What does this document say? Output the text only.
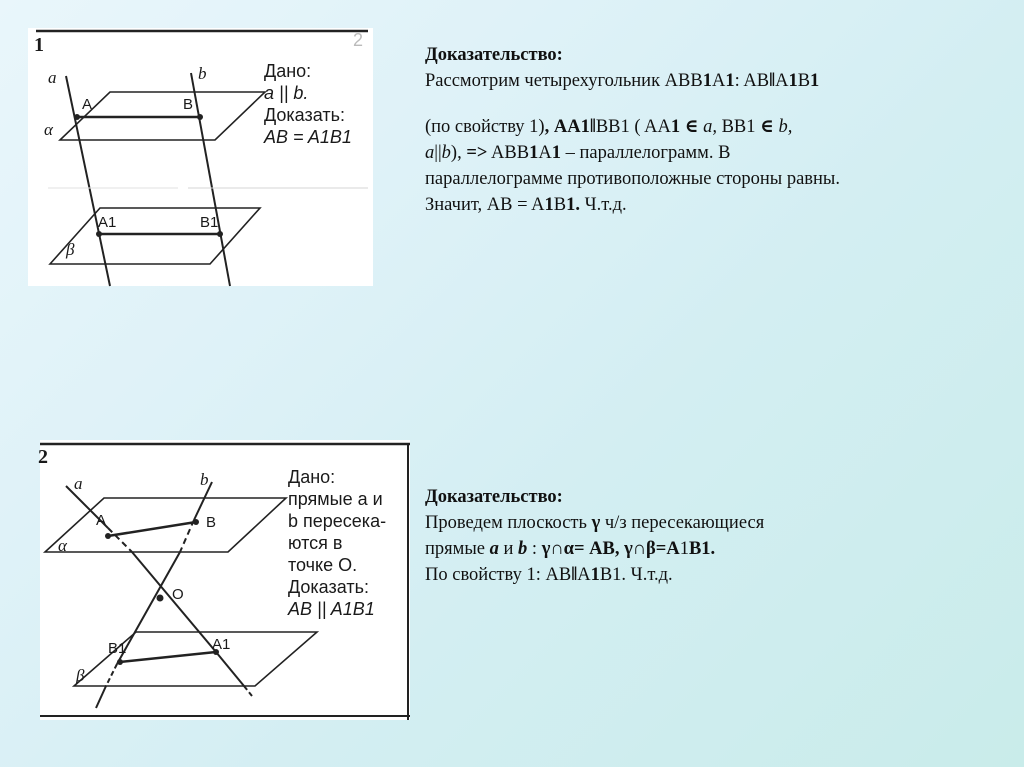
1	2
a	b
A	B
A1	B1
α
β
Дано:
a || b.
Доказать:
AB = A1B1
2
a	b
A	B
O
B1	A1
α
β
Дано:
прямые a и
b пересека-
ются в
точке O.
Доказать:
AB || A1B1
Доказательство:
Рассмотрим четырехугольник ABB1A1: AB‖A1B1
(по свойству 1), AA1‖BB1 ( AA1 ∈ a, BB1 ∈ b,
a||b), => ABB1A1 – параллелограмм. В
параллелограмме противоположные стороны равны.
Значит, AB = A1B1. Ч.т.д.
Доказательство:
Проведем плоскость γ ч/з пересекающиеся
прямые a и b : γ∩α= AB, γ∩β=A1B1.
По свойству 1: AB‖A1B1. Ч.т.д.
